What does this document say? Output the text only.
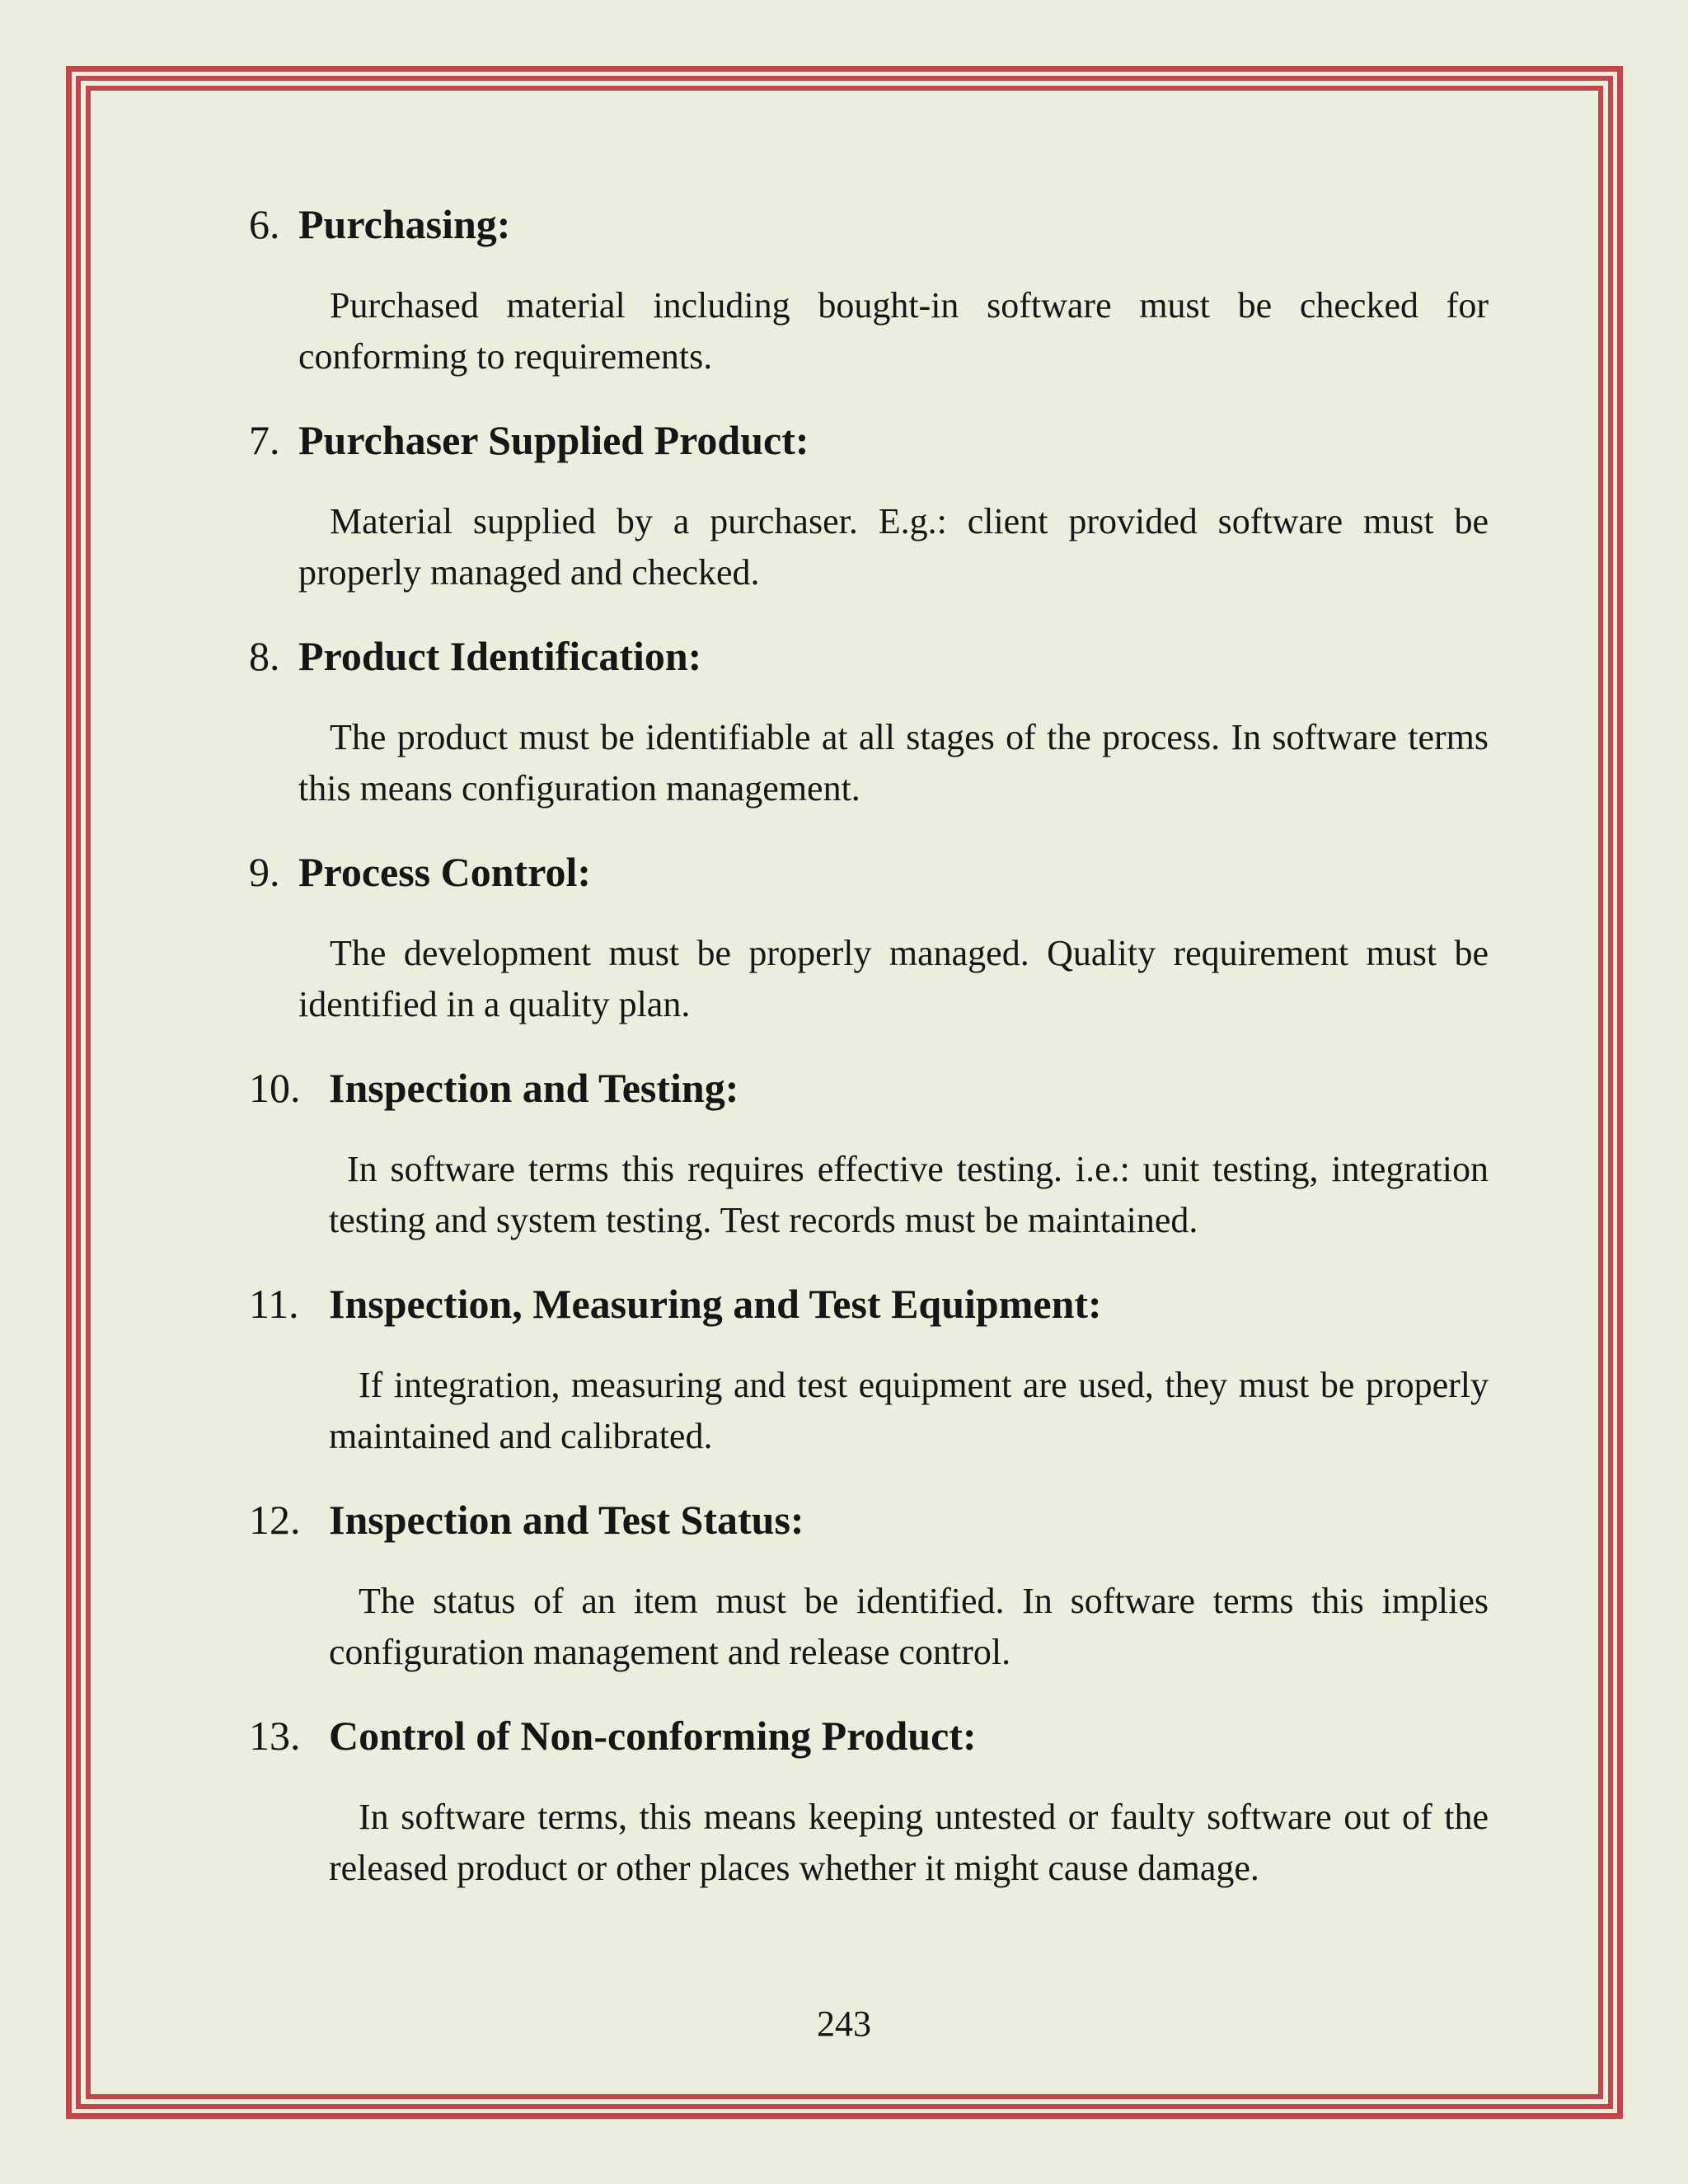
6. Purchasing:
Purchased material including bought-in software must be checked for conforming to requirements.
7. Purchaser Supplied Product:
Material supplied by a purchaser. E.g.: client provided software must be properly managed and checked.
8. Product Identification:
The product must be identifiable at all stages of the process. In software terms this means configuration management.
9. Process Control:
The development must be properly managed. Quality requirement must be identified in a quality plan.
10. Inspection and Testing:
In software terms this requires effective testing. i.e.: unit testing, integration testing and system testing. Test records must be maintained.
11. Inspection, Measuring and Test Equipment:
If integration, measuring and test equipment are used, they must be properly maintained and calibrated.
12. Inspection and Test Status:
The status of an item must be identified. In software terms this implies configuration management and release control.
13. Control of Non-conforming Product:
In software terms, this means keeping untested or faulty software out of the released product or other places whether it might cause damage.
243
